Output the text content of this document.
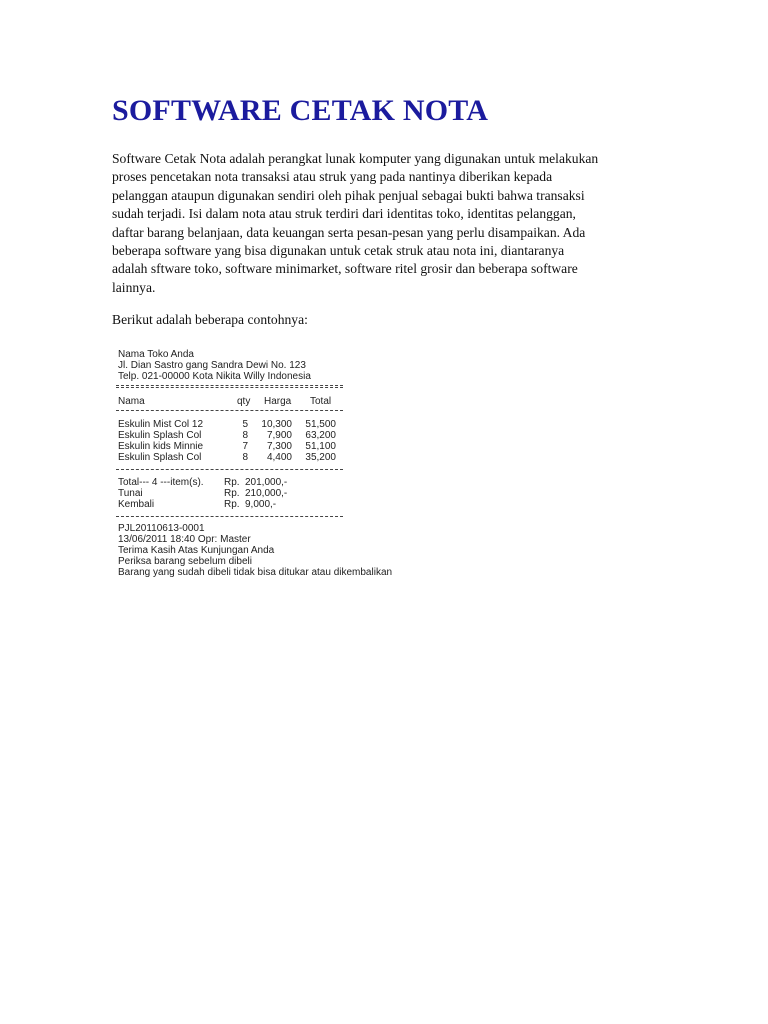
SOFTWARE CETAK NOTA

Software Cetak Nota adalah perangkat lunak komputer yang digunakan untuk melakukan
proses pencetakan nota transaksi atau struk yang pada nantinya diberikan kepada
pelanggan ataupun digunakan sendiri oleh pihak penjual sebagai bukti bahwa transaksi
sudah terjadi. Isi dalam nota atau struk terdiri dari identitas toko, identitas pelanggan,
daftar barang belanjaan, data keuangan serta pesan-pesan yang perlu disampaikan. Ada
beberapa software yang bisa digunakan untuk cetak struk atau nota ini, diantaranya
adalah sftware toko, software minimarket, software ritel grosir dan beberapa software
lainnya.

Berikut adalah beberapa contohnya:

Nama Toko Anda
Jl. Dian Sastro gang Sandra Dewi No. 123
Telp. 021-00000 Kota Nikita Willy Indonesia
Nama	qty Harga Total
Eskulin Mist Col 12	5	10,300	51,500
Eskulin Splash Col	8	7,900	63,200
Eskulin kids Minnie	7	7,300	51,100
Eskulin Splash Col	8	4,400	35,200
Total--- 4 ---item(s). Rp. 201,000,-
Tunai	Rp. 210,000,-
Kembali	Rp. 9,000,-
PJL20110613-0001
13/06/2011 18:40 Opr: Master
Terima Kasih Atas Kunjungan Anda
Periksa barang sebelum dibeli
Barang yang sudah dibeli tidak bisa ditukar atau dikembalikan
